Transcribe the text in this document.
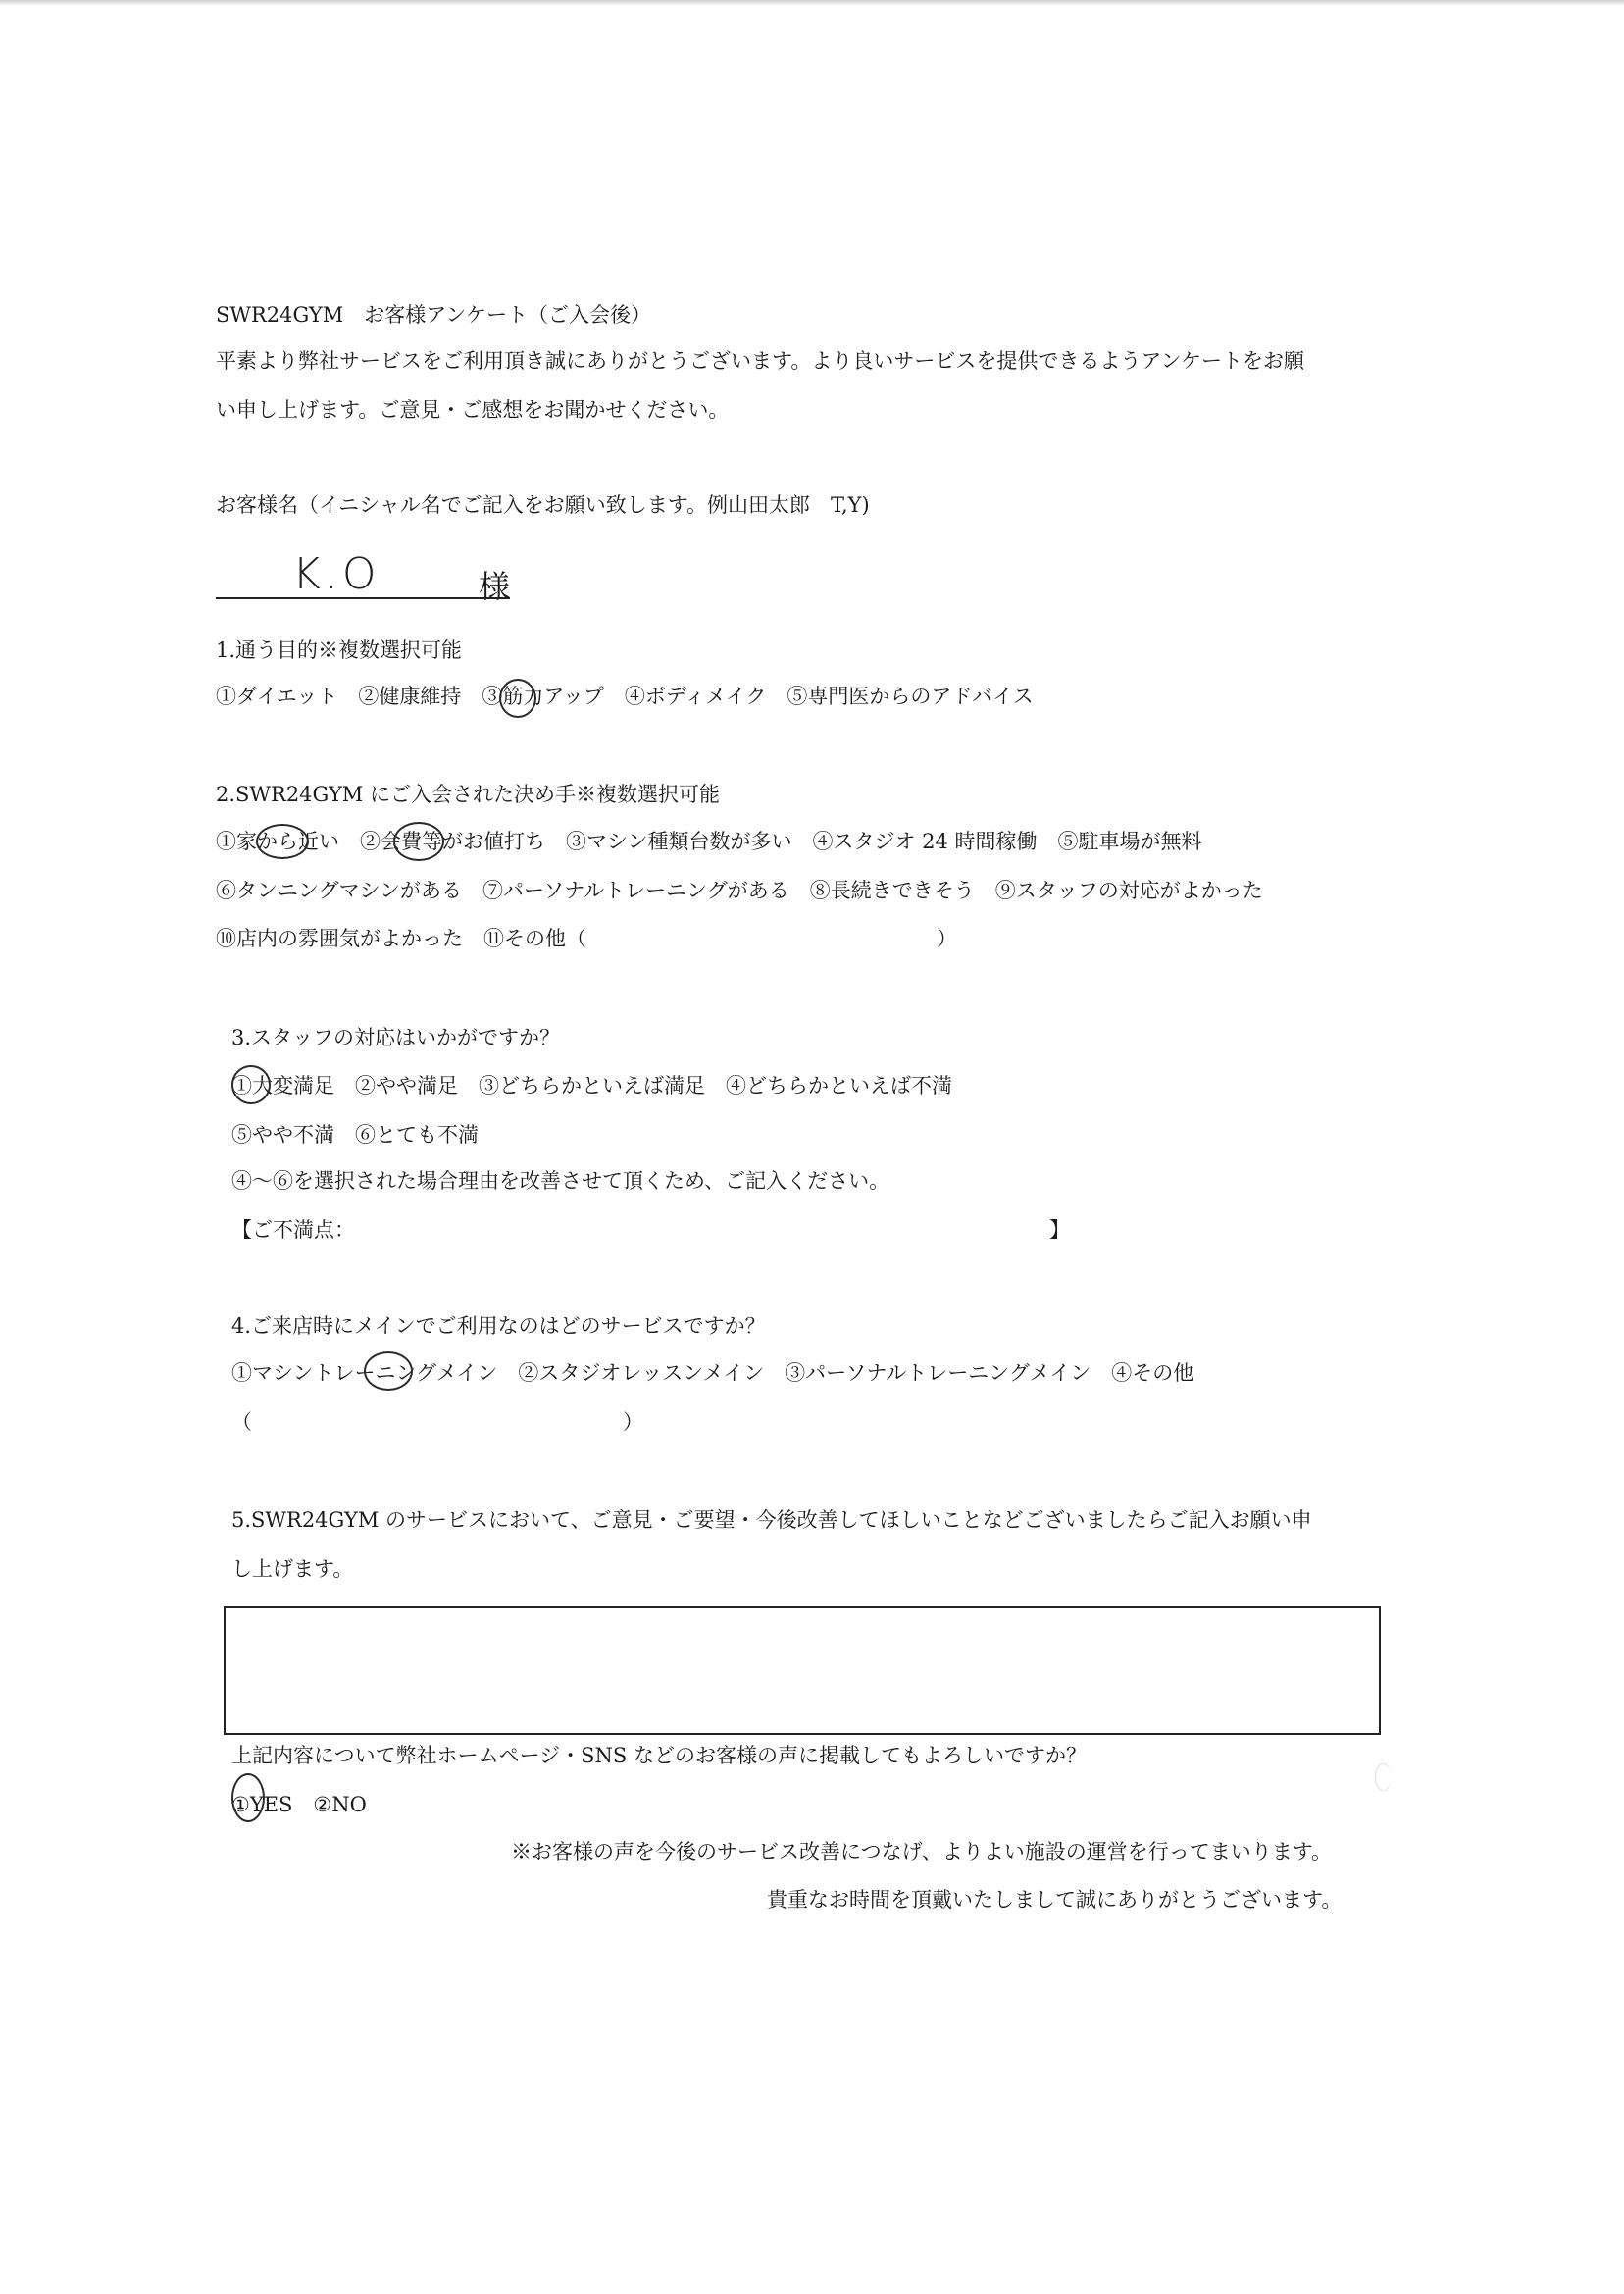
SWR24GYM　お客様アンケート（ご入会後）
平素より弊社サービスをご利用頂き誠にありがとうございます。より良いサービスを提供できるようアンケートをお願
い申し上げます。ご意見・ご感想をお聞かせください。
お客様名（イニシャル名でご記入をお願い致します。例山田太郎　T,Y)
K.O	様
1.通う目的※複数選択可能
①ダイエット　②健康維持　③筋力アップ　④ボディメイク　⑤専門医からのアドバイス
2.SWR24GYM にご入会された決め手※複数選択可能
①家から近い　②会費等がお値打ち　③マシン種類台数が多い　④スタジオ 24 時間稼働　⑤駐車場が無料
⑥タンニングマシンがある　⑦パーソナルトレーニングがある　⑧長続きできそう　⑨スタッフの対応がよかった
⑩店内の雰囲気がよかった　⑪その他（　　　　　　　　　　　　　　　　　）
3.スタッフの対応はいかがですか？
①大変満足　②やや満足　③どちらかといえば満足　④どちらかといえば不満
⑤やや不満　⑥とても不満
④～⑥を選択された場合理由を改善させて頂くため、ご記入ください。
【ご不満点：	】
4.ご来店時にメインでご利用なのはどのサービスですか？
①マシントレーニングメイン　②スタジオレッスンメイン　③パーソナルトレーニングメイン　④その他
（　　　　　　　　　　　　　　　　　　）
5.SWR24GYM のサービスにおいて、ご意見・ご要望・今後改善してほしいことなどございましたらご記入お願い申
し上げます。
上記内容について弊社ホームページ・SNS などのお客様の声に掲載してもよろしいですか？
①YES　②NO
※お客様の声を今後のサービス改善につなげ、よりよい施設の運営を行ってまいります。
貴重なお時間を頂戴いたしまして誠にありがとうございます。
